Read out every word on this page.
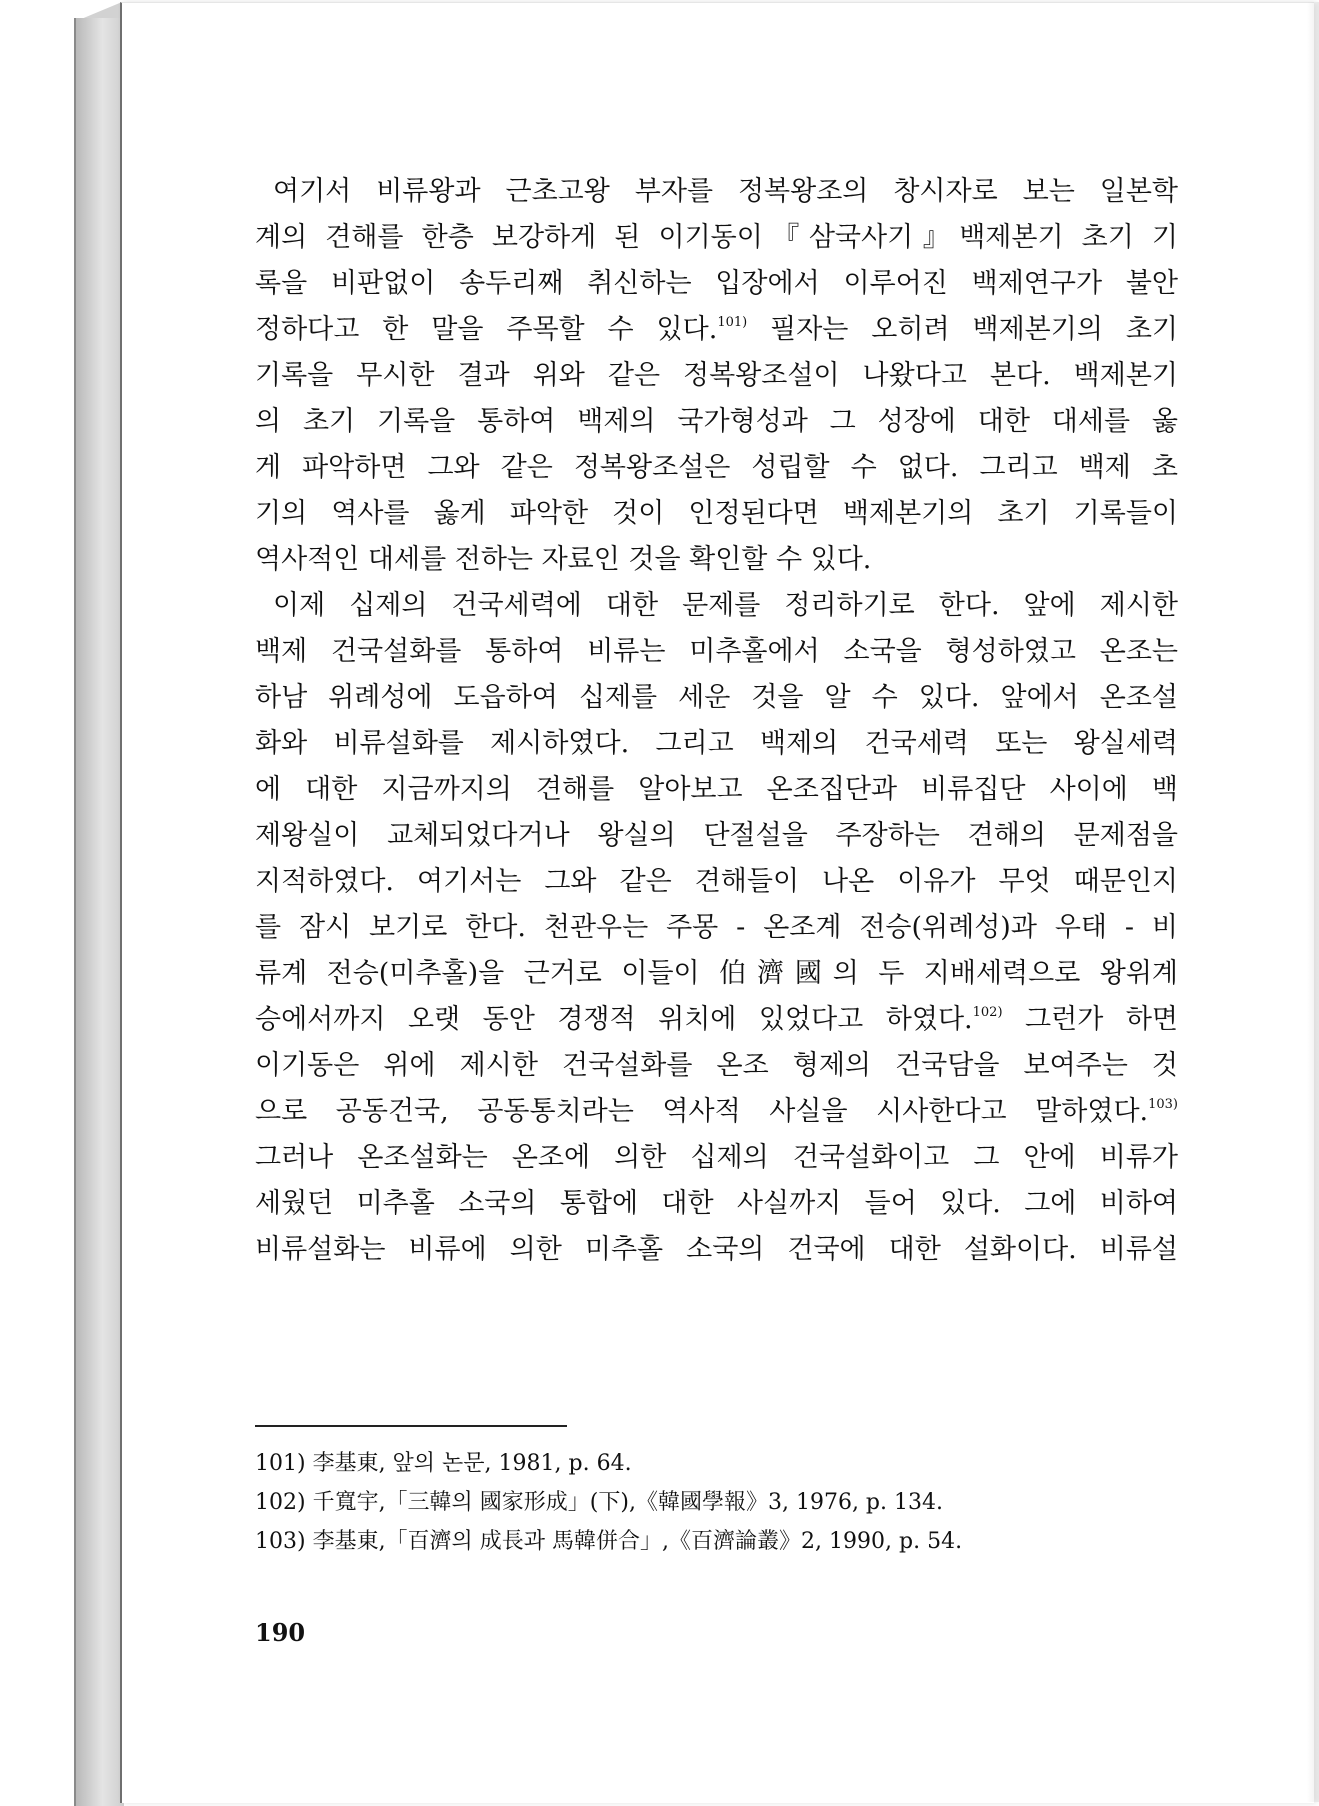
여기서 비류왕과 근초고왕 부자를 정복왕조의 창시자로 보는 일본학
계의 견해를 한층 보강하게 된 이기동이『삼국사기』백제본기 초기 기
록을 비판없이 송두리째 취신하는 입장에서 이루어진 백제연구가 불안
정하다고 한 말을 주목할 수 있다.$^{101)}$ 필자는 오히려 백제본기의 초기
기록을 무시한 결과 위와 같은 정복왕조설이 나왔다고 본다. 백제본기
의 초기 기록을 통하여 백제의 국가형성과 그 성장에 대한 대세를 옳
게 파악하면 그와 같은 정복왕조설은 성립할 수 없다. 그리고 백제 초
기의 역사를 옳게 파악한 것이 인정된다면 백제본기의 초기 기록들이
역사적인 대세를 전하는 자료인 것을 확인할 수 있다.
이제 십제의 건국세력에 대한 문제를 정리하기로 한다. 앞에 제시한
백제 건국설화를 통하여 비류는 미추홀에서 소국을 형성하였고 온조는
하남 위례성에 도읍하여 십제를 세운 것을 알 수 있다. 앞에서 온조설
화와 비류설화를 제시하였다. 그리고 백제의 건국세력 또는 왕실세력
에 대한 지금까지의 견해를 알아보고 온조집단과 비류집단 사이에 백
제왕실이 교체되었다거나 왕실의 단절설을 주장하는 견해의 문제점을
지적하였다. 여기서는 그와 같은 견해들이 나온 이유가 무엇 때문인지
를 잠시 보기로 한다. 천관우는 주몽 - 온조계 전승(위례성)과 우태 - 비
류계 전승(미추홀)을 근거로 이들이 伯濟國의 두 지배세력으로 왕위계
승에서까지 오랫 동안 경쟁적 위치에 있었다고 하였다.$^{102)}$ 그런가 하면
이기동은 위에 제시한 건국설화를 온조 형제의 건국담을 보여주는 것
으로 공동건국, 공동통치라는 역사적 사실을 시사한다고 말하였다.$^{103)}$
그러나 온조설화는 온조에 의한 십제의 건국설화이고 그 안에 비류가
세웠던 미추홀 소국의 통합에 대한 사실까지 들어 있다. 그에 비하여
비류설화는 비류에 의한 미추홀 소국의 건국에 대한 설화이다. 비류설
101) 李基東, 앞의 논문, 1981, p. 64.
102) 千寬宇,「三韓의 國家形成」(下),《韓國學報》3, 1976, p. 134.
103) 李基東,「百濟의 成長과 馬韓併合」,《百濟論叢》2, 1990, p. 54.
190
